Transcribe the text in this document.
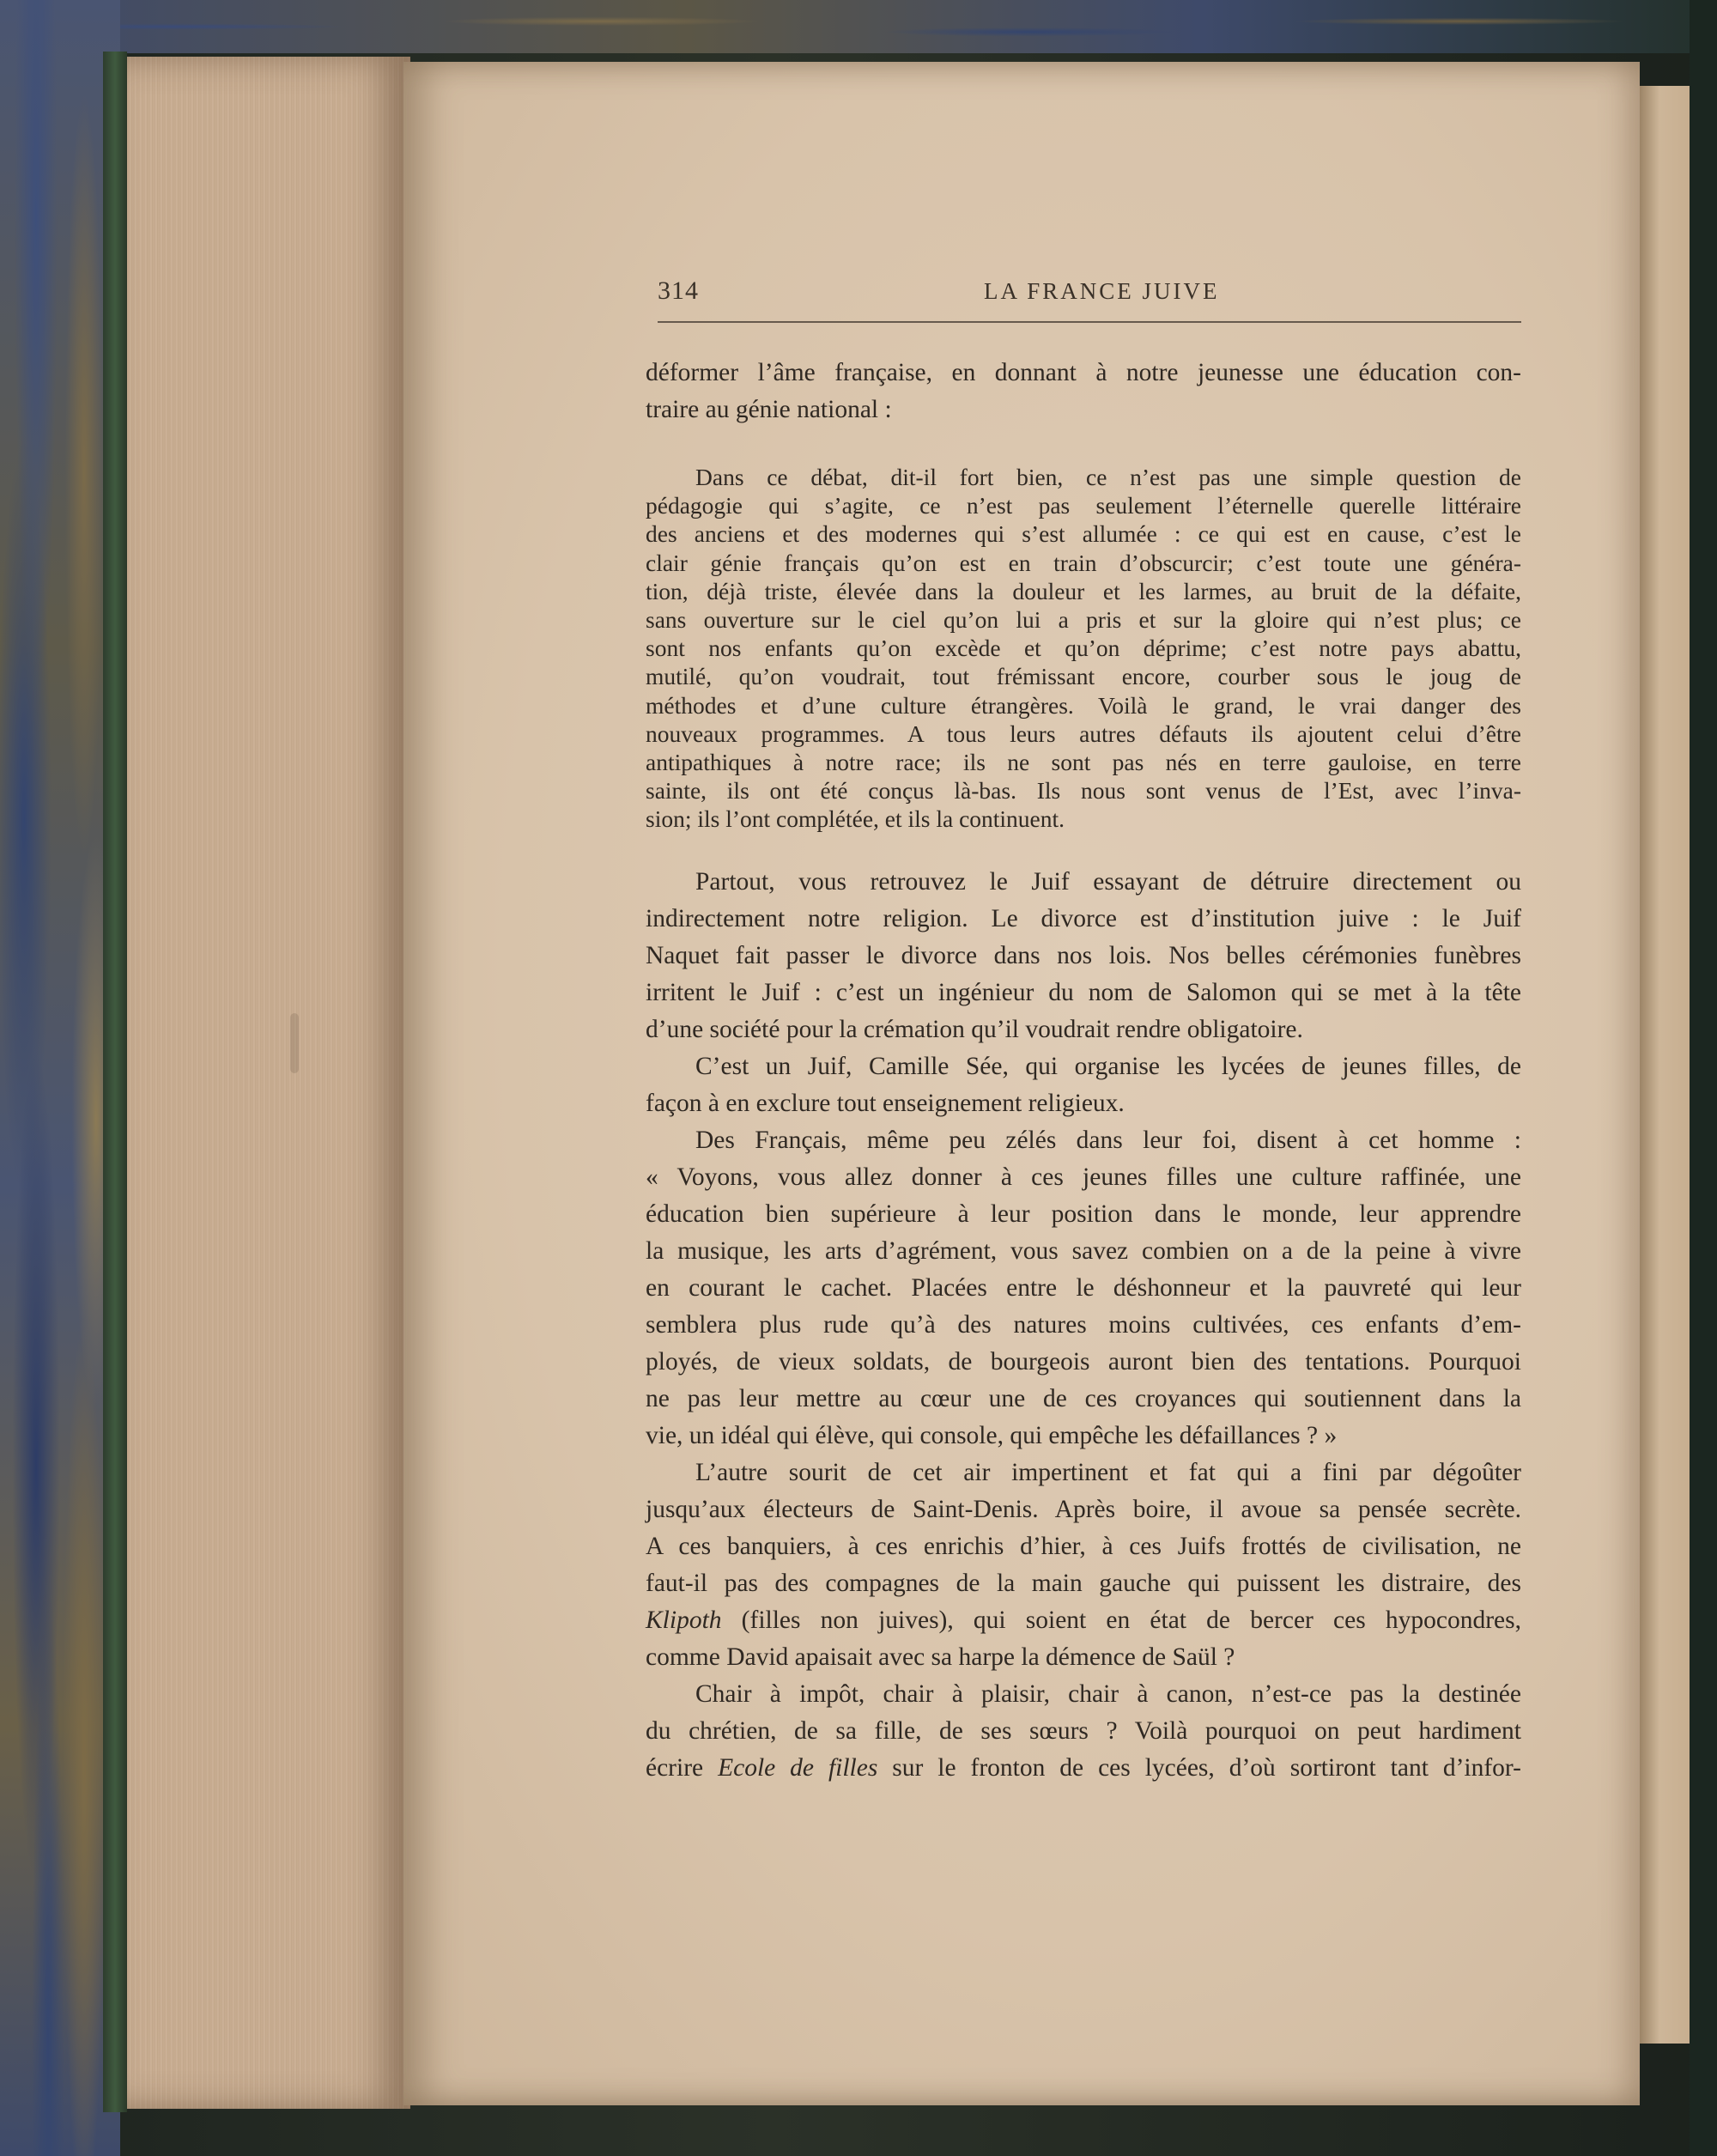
314	LA FRANCE JUIVE
déformer l’âme française, en donnant à notre jeunesse une éducation con-
traire au génie national :
Dans ce débat, dit-il fort bien, ce n’est pas une simple question de
pédagogie qui s’agite, ce n’est pas seulement l’éternelle querelle littéraire
des anciens et des modernes qui s’est allumée : ce qui est en cause, c’est le
clair génie français qu’on est en train d’obscurcir; c’est toute une généra-
tion, déjà triste, élevée dans la douleur et les larmes, au bruit de la défaite,
sans ouverture sur le ciel qu’on lui a pris et sur la gloire qui n’est plus; ce
sont nos enfants qu’on excède et qu’on déprime; c’est notre pays abattu,
mutilé, qu’on voudrait, tout frémissant encore, courber sous le joug de
méthodes et d’une culture étrangères. Voilà le grand, le vrai danger des
nouveaux programmes. A tous leurs autres défauts ils ajoutent celui d’être
antipathiques à notre race; ils ne sont pas nés en terre gauloise, en terre
sainte, ils ont été conçus là-bas. Ils nous sont venus de l’Est, avec l’inva-
sion; ils l’ont complétée, et ils la continuent.
Partout, vous retrouvez le Juif essayant de détruire directement ou
indirectement notre religion. Le divorce est d’institution juive : le Juif
Naquet fait passer le divorce dans nos lois. Nos belles cérémonies funèbres
irritent le Juif : c’est un ingénieur du nom de Salomon qui se met à la tête
d’une société pour la crémation qu’il voudrait rendre obligatoire.
C’est un Juif, Camille Sée, qui organise les lycées de jeunes filles, de
façon à en exclure tout enseignement religieux.
Des Français, même peu zélés dans leur foi, disent à cet homme :
« Voyons, vous allez donner à ces jeunes filles une culture raffinée, une
éducation bien supérieure à leur position dans le monde, leur apprendre
la musique, les arts d’agrément, vous savez combien on a de la peine à vivre
en courant le cachet. Placées entre le déshonneur et la pauvreté qui leur
semblera plus rude qu’à des natures moins cultivées, ces enfants d’em-
ployés, de vieux soldats, de bourgeois auront bien des tentations. Pourquoi
ne pas leur mettre au cœur une de ces croyances qui soutiennent dans la
vie, un idéal qui élève, qui console, qui empêche les défaillances ? »
L’autre sourit de cet air impertinent et fat qui a fini par dégoûter
jusqu’aux électeurs de Saint-Denis. Après boire, il avoue sa pensée secrète.
A ces banquiers, à ces enrichis d’hier, à ces Juifs frottés de civilisation, ne
faut-il pas des compagnes de la main gauche qui puissent les distraire, des
Klipoth (filles non juives), qui soient en état de bercer ces hypocondres,
comme David apaisait avec sa harpe la démence de Saül ?
Chair à impôt, chair à plaisir, chair à canon, n’est-ce pas la destinée
du chrétien, de sa fille, de ses sœurs ? Voilà pourquoi on peut hardiment
écrire Ecole de filles sur le fronton de ces lycées, d’où sortiront tant d’infor-
